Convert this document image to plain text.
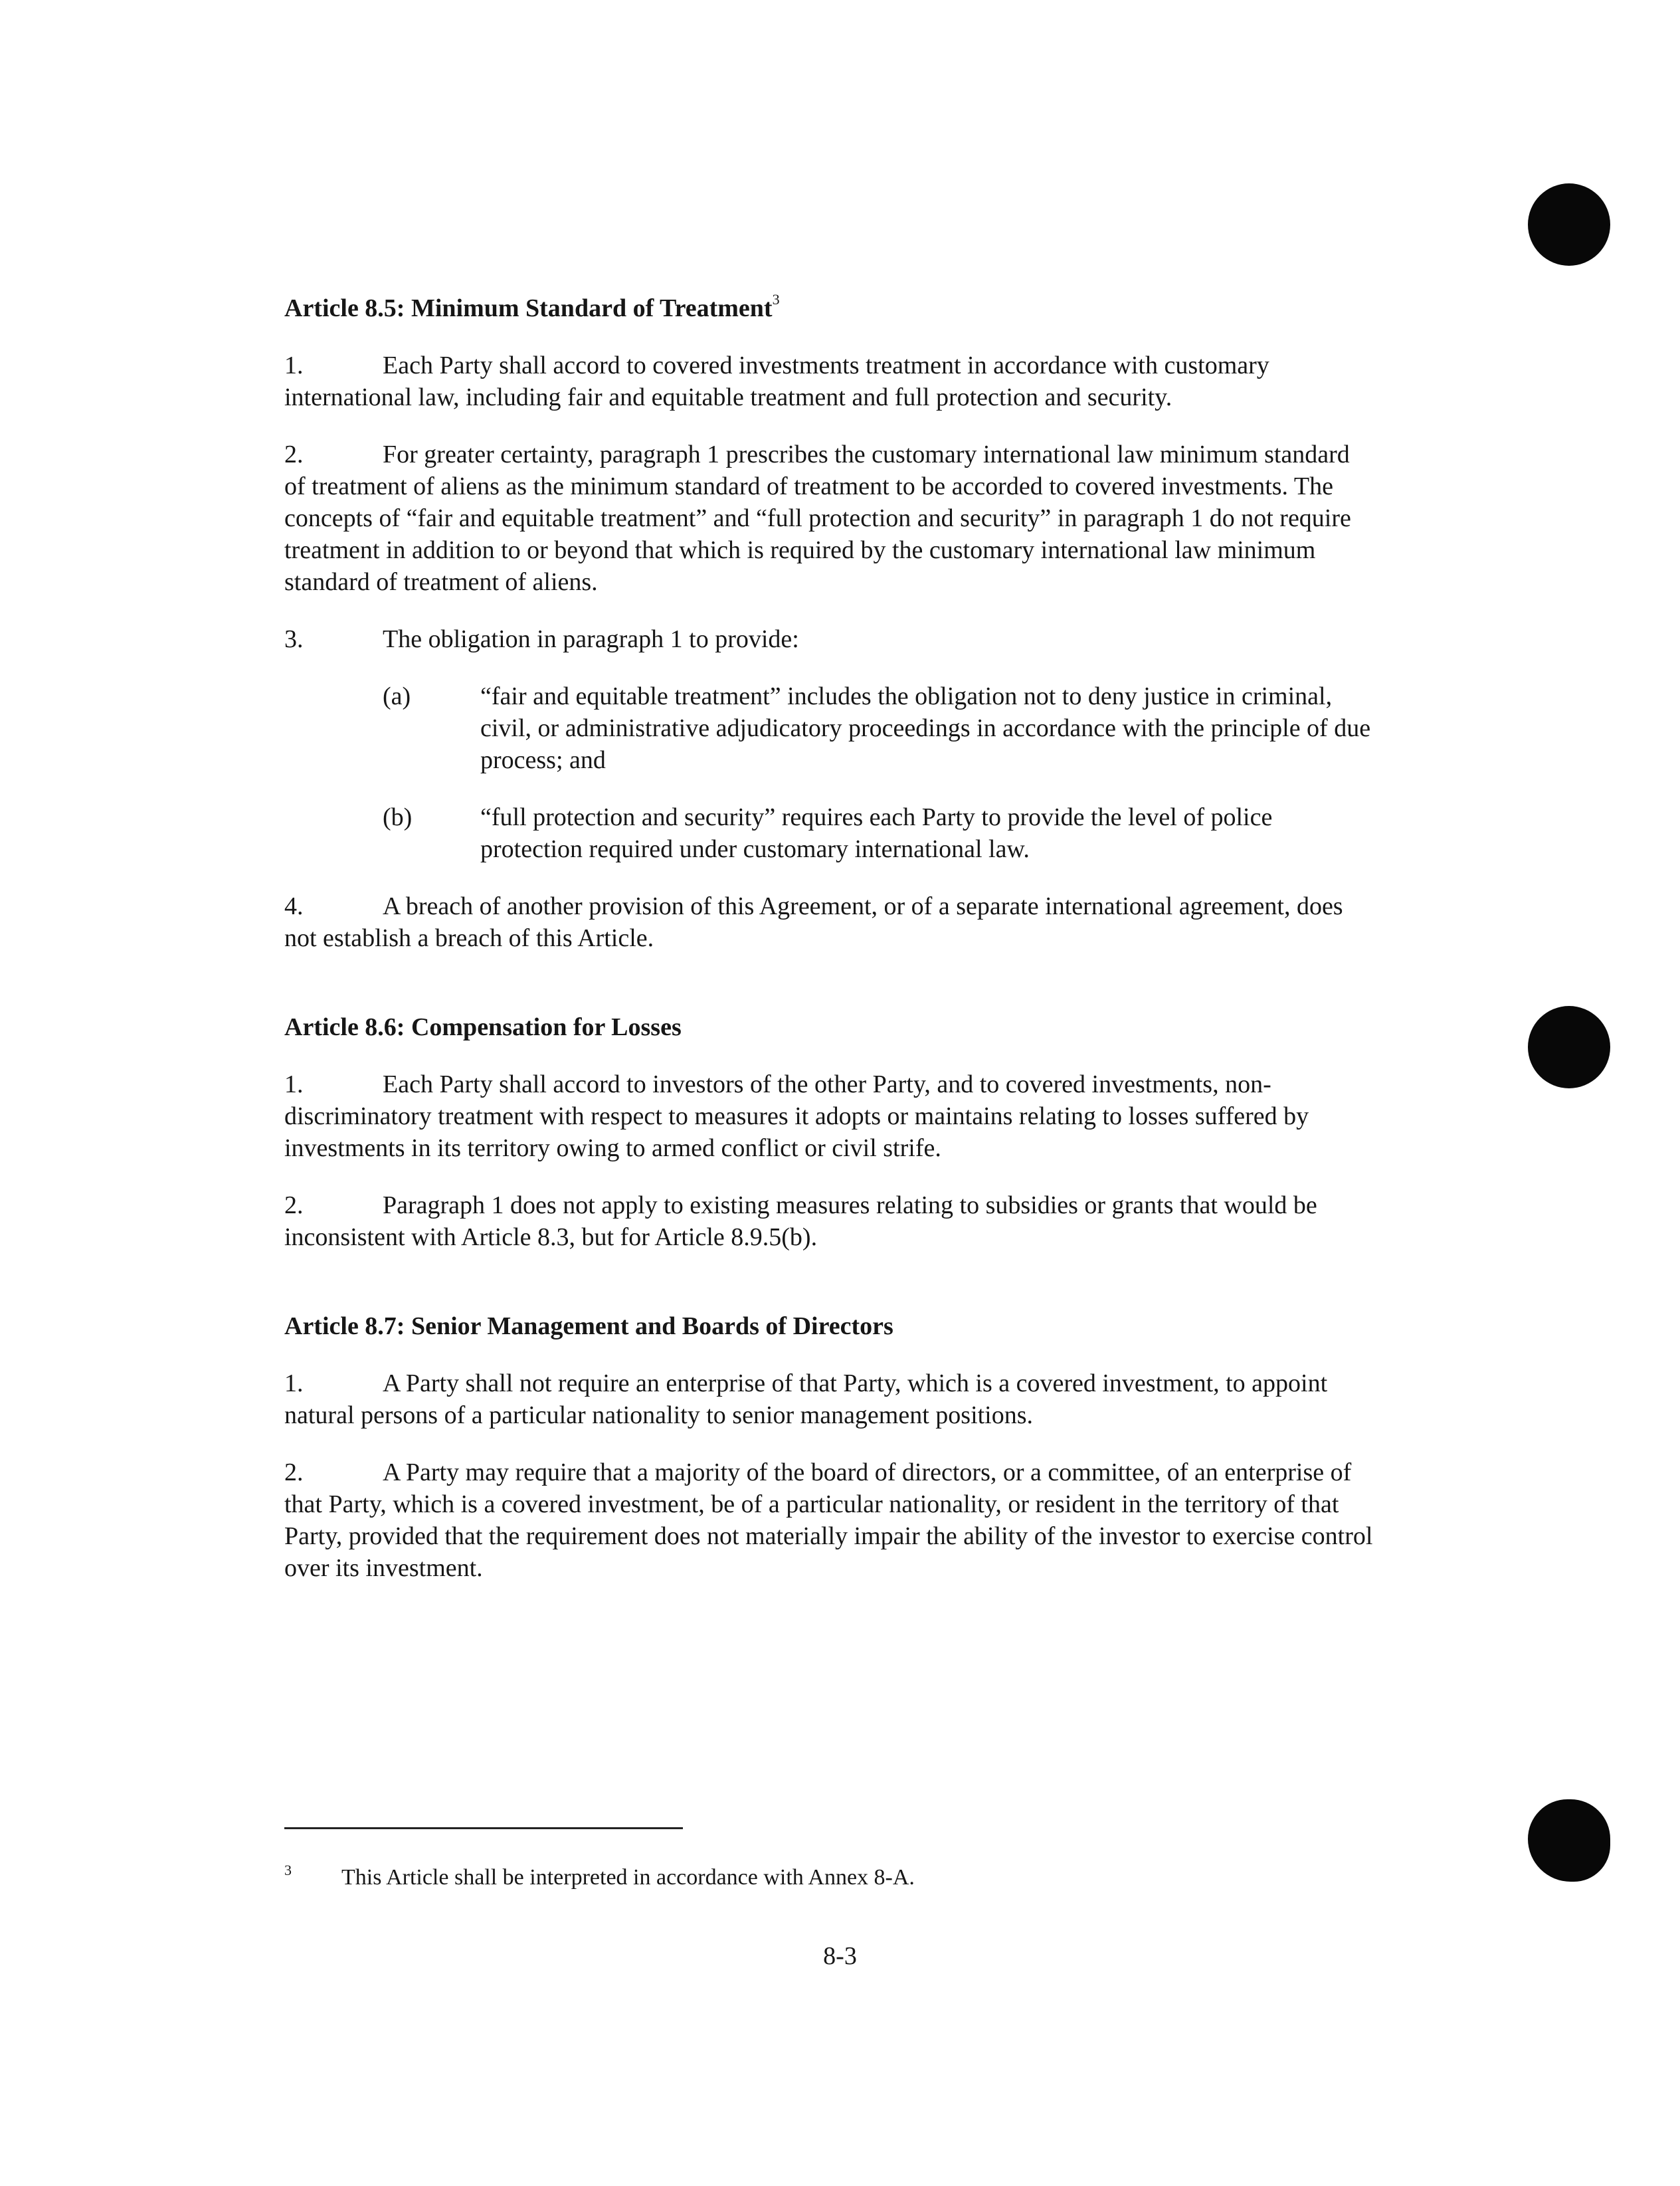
Article 8.5: Minimum Standard of Treatment$^3$

1.	Each Party shall accord to covered investments treatment in accordance with customary international law, including fair and equitable treatment and full protection and security.

2.	For greater certainty, paragraph 1 prescribes the customary international law minimum standard of treatment of aliens as the minimum standard of treatment to be accorded to covered investments. The concepts of “fair and equitable treatment” and “full protection and security” in paragraph 1 do not require treatment in addition to or beyond that which is required by the customary international law minimum standard of treatment of aliens.

3.	The obligation in paragraph 1 to provide:

(a)	“fair and equitable treatment” includes the obligation not to deny justice in criminal, civil, or administrative adjudicatory proceedings in accordance with the principle of due process; and

(b)	“full protection and security” requires each Party to provide the level of police protection required under customary international law.

4.	A breach of another provision of this Agreement, or of a separate international agreement, does not establish a breach of this Article.

Article 8.6: Compensation for Losses

1.	Each Party shall accord to investors of the other Party, and to covered investments, non-discriminatory treatment with respect to measures it adopts or maintains relating to losses suffered by investments in its territory owing to armed conflict or civil strife.

2.	Paragraph 1 does not apply to existing measures relating to subsidies or grants that would be inconsistent with Article 8.3, but for Article 8.9.5(b).

Article 8.7: Senior Management and Boards of Directors

1.	A Party shall not require an enterprise of that Party, which is a covered investment, to appoint natural persons of a particular nationality to senior management positions.

2.	A Party may require that a majority of the board of directors, or a committee, of an enterprise of that Party, which is a covered investment, be of a particular nationality, or resident in the territory of that Party, provided that the requirement does not materially impair the ability of the investor to exercise control over its investment.

3 This Article shall be interpreted in accordance with Annex 8-A.

8-3
